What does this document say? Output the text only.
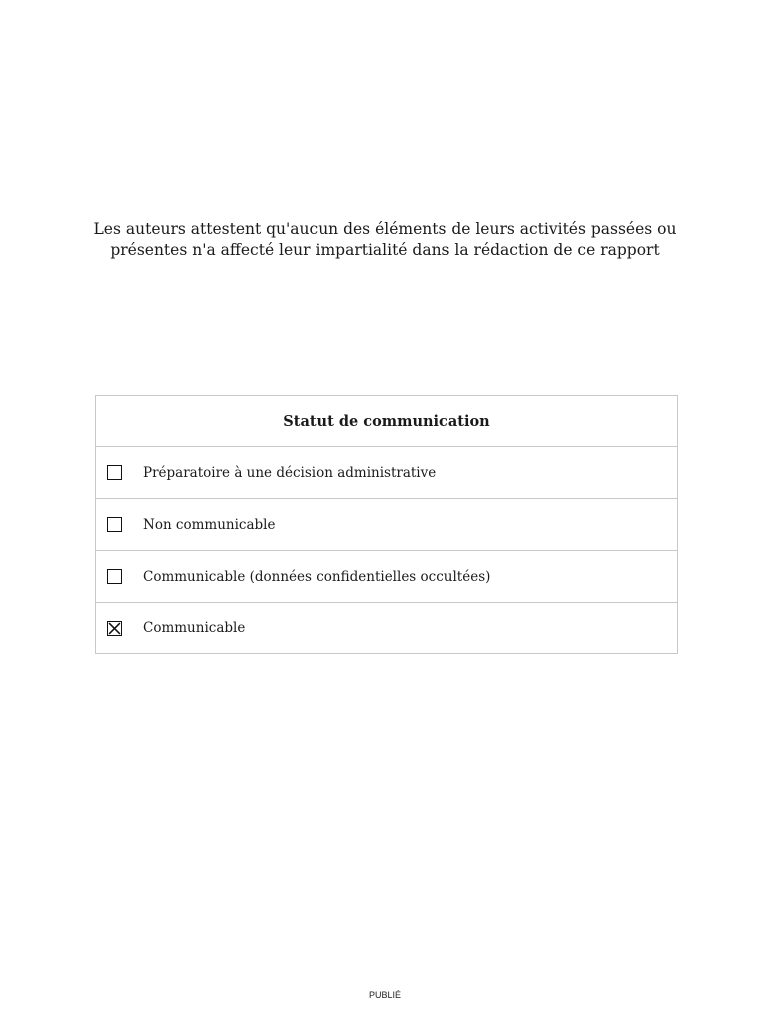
Les auteurs attestent qu'aucun des éléments de leurs activités passées ou
présentes n'a affecté leur impartialité dans la rédaction de ce rapport
Statut de communication
Préparatoire à une décision administrative
Non communicable
Communicable (données confidentielles occultées)
Communicable
PUBLIÉ
